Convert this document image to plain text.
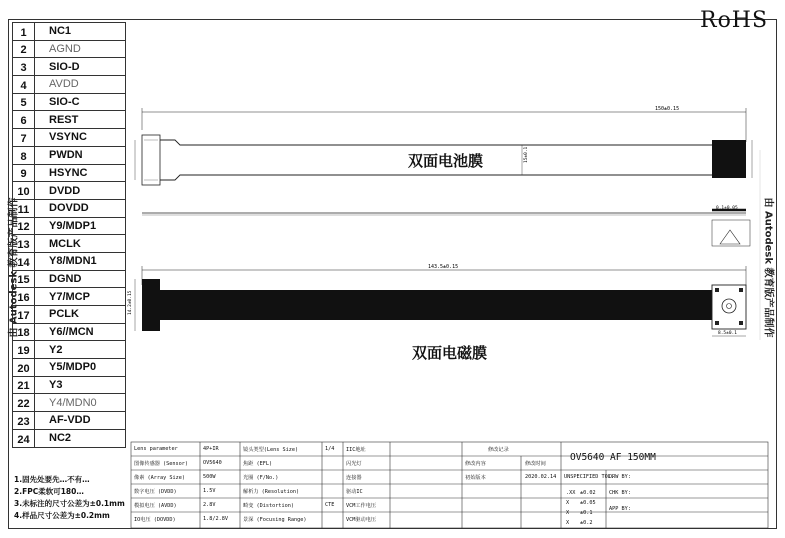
RoHS
1	NC1
2	AGND
3	SIO-D
4	AVDD
5	SIO-C
6	REST
7	VSYNC
8	PWDN
9	HSYNC
10	DVDD
11	DOVDD
12	Y9/MDP1
13	MCLK
14	Y8/MDN1
15	DGND
16	Y7/MCP
17	PCLK
18	Y6//MCN
19	Y2
20	Y5/MDP0
21	Y3
22	Y4/MDN0
23	AF-VDD
24	NC2
150±0.15
15±0.1
0.1±0.05
143.5±0.15
8.5±0.1
14.2±0.15
双面电池膜
双面电磁膜
由 Autodesk 教育版产品制作	由 Autodesk 教育版产品制作
1.固先处要先…不有…
2.FPC柔软可180…
3.未标注的尺寸公差为±0.1mm
4.样品尺寸公差为±0.2mm
Lens parameter	4P+IR	镜头类型(Lens Size)	1/4 IIC地址
图像传感器 (Sensor)	OV5640	焦距 (EFL)	闪光灯
像素 (Array Size)	500W	光圈 (F/No.)	连接器
数字电压 (DVDD)	1.5V	解析力 (Resolution)	驱动IC
模拟电压 (AVDD)	2.8V	畸变 (Distortion)	CTE VCM工作电压
IO电压 (DOVDD)	1.8/2.8V	景深 (Focusing Range)	VCM驱动电压
修改记录
修改内容	修改时间
初始版本	2020.02.14
OV5640 AF 150MM
UNSPECIFIED TOL.
.XX ±0.02
X ±0.05
X ±0.1
X ±0.2
DRW BY:
CHK BY:
APP BY:
